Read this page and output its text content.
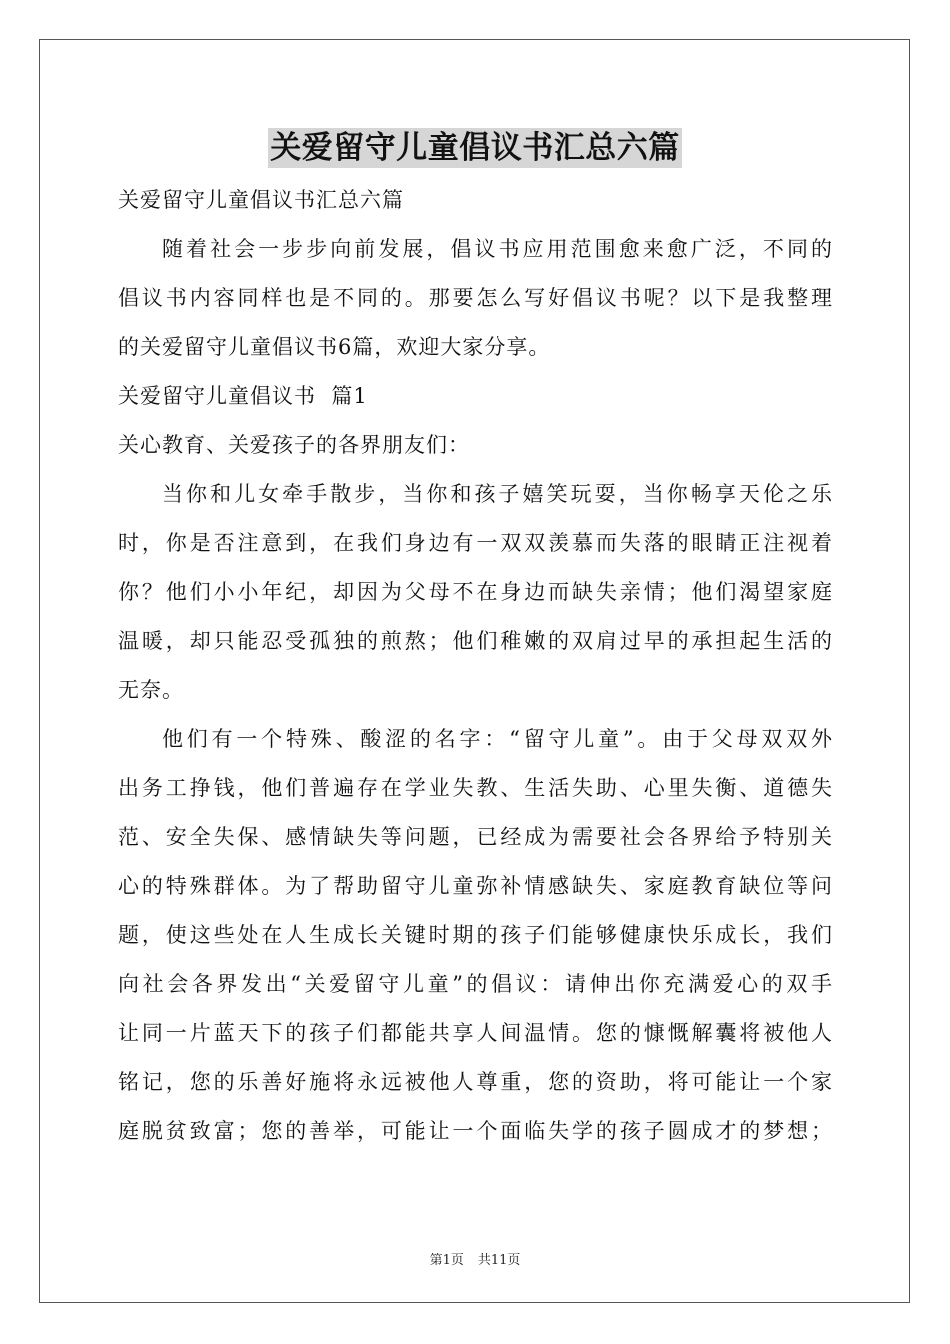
关爱留守儿童倡议书汇总六篇
关爱留守儿童倡议书汇总六篇
随着社会一步步向前发展，倡议书应用范围愈来愈广泛，不同的
倡议书内容同样也是不同的。那要怎么写好倡议书呢？以下是我整理
的关爱留守儿童倡议书6篇，欢迎大家分享。
关爱留守儿童倡议书  篇1
关心教育、关爱孩子的各界朋友们：
当你和儿女牵手散步，当你和孩子嬉笑玩耍，当你畅享天伦之乐
时，你是否注意到，在我们身边有一双双羡慕而失落的眼睛正注视着
你？他们小小年纪，却因为父母不在身边而缺失亲情；他们渴望家庭
温暖，却只能忍受孤独的煎熬；他们稚嫩的双肩过早的承担起生活的
无奈。
他们有一个特殊、酸涩的名字：“留守儿童”。由于父母双双外
出务工挣钱，他们普遍存在学业失教、生活失助、心里失衡、道德失
范、安全失保、感情缺失等问题，已经成为需要社会各界给予特别关
心的特殊群体。为了帮助留守儿童弥补情感缺失、家庭教育缺位等问
题，使这些处在人生成长关键时期的孩子们能够健康快乐成长，我们
向社会各界发出“关爱留守儿童”的倡议：请伸出你充满爱心的双手
让同一片蓝天下的孩子们都能共享人间温情。您的慷慨解囊将被他人
铭记，您的乐善好施将永远被他人尊重，您的资助，将可能让一个家
庭脱贫致富；您的善举，可能让一个面临失学的孩子圆成才的梦想；
第1页 共11页
